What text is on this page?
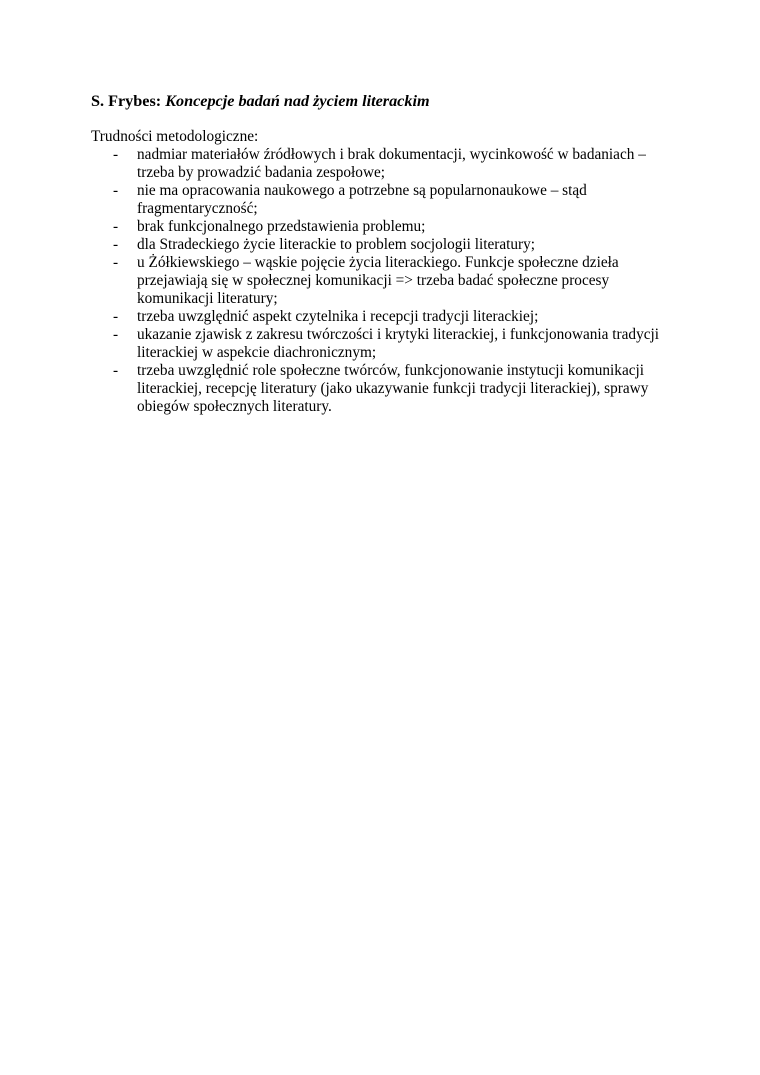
S. Frybes: Koncepcje badań nad życiem literackim

Trudności metodologiczne:

- nadmiar materiałów źródłowych i brak dokumentacji, wycinkowość w badaniach –
trzeba by prowadzić badania zespołowe;
- nie ma opracowania naukowego a potrzebne są popularnonaukowe – stąd
fragmentaryczność;
- brak funkcjonalnego przedstawienia problemu;
- dla Stradeckiego życie literackie to problem socjologii literatury;
- u Żółkiewskiego – wąskie pojęcie życia literackiego. Funkcje społeczne dzieła
przejawiają się w społecznej komunikacji => trzeba badać społeczne procesy
komunikacji literatury;
- trzeba uwzględnić aspekt czytelnika i recepcji tradycji literackiej;
- ukazanie zjawisk z zakresu twórczości i krytyki literackiej, i funkcjonowania tradycji
literackiej w aspekcie diachronicznym;
- trzeba uwzględnić role społeczne twórców, funkcjonowanie instytucji komunikacji
literackiej, recepcję literatury (jako ukazywanie funkcji tradycji literackiej), sprawy
obiegów społecznych literatury.
